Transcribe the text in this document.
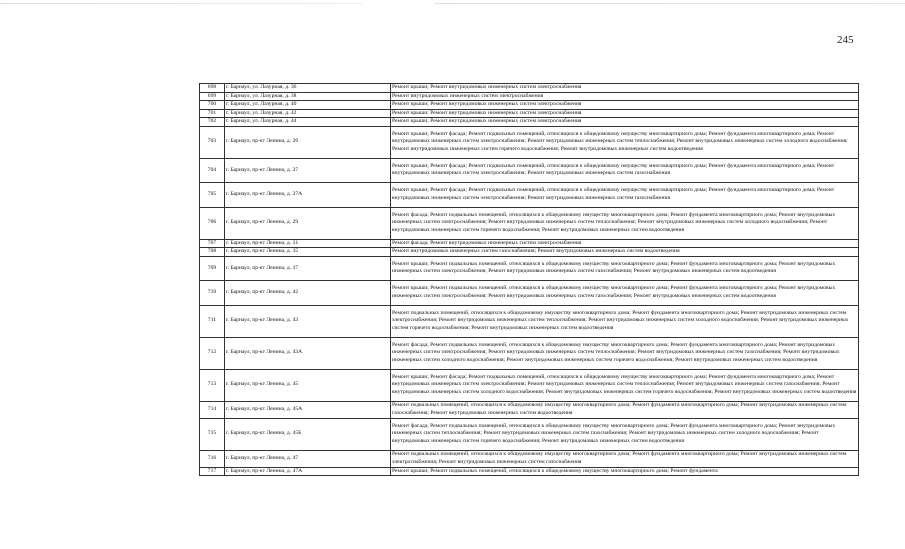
245
698	г. Барнаул, ул. Лазурная, д. 36	Ремонт крыши; Ремонт внутридомовых инженерных систем электроснабжения
699	г. Барнаул, ул. Лазурная, д. 38	Ремонт внутридомовых инженерных систем электроснабжения
700	г. Барнаул, ул. Лазурная, д. 40	Ремонт крыши; Ремонт внутридомовых инженерных систем электроснабжения
701	г. Барнаул, ул. Лазурная, д. 42	Ремонт крыши; Ремонт внутридомовых инженерных систем электроснабжения
702	г. Барнаул, ул. Лазурная, д. 44	Ремонт крыши; Ремонт внутридомовых инженерных систем электроснабжения
703	г. Барнаул, пр-кт Ленина, д. 26	Ремонт крыши; Ремонт фасада; Ремонт подвальных помещений, относящихся к общедомовому имуществу многоквартирного дома; Ремонт фундамента многоквартирного дома; Ремонт внутридомовых инженерных систем электроснабжения; Ремонт внутридомовых инженерных систем теплоснабжения; Ремонт внутридомовых инженерных систем холодного водоснабжения; Ремонт внутридомовых инженерных систем горячего водоснабжения; Ремонт внутридомовых инженерных систем водоотведения
704	г. Барнаул, пр-кт Ленина, д. 27	Ремонт крыши; Ремонт фасада; Ремонт подвальных помещений, относящихся к общедомовому имуществу многоквартирного дома; Ремонт фундамента многоквартирного дома; Ремонт внутридомовых инженерных систем электроснабжения; Ремонт внутридомовых инженерных систем газоснабжения
705	г. Барнаул, пр-кт Ленина, д. 27А	Ремонт крыши; Ремонт фасада; Ремонт подвальных помещений, относящихся к общедомовому имуществу многоквартирного дома; Ремонт фундамента многоквартирного дома; Ремонт внутридомовых инженерных систем электроснабжения; Ремонт внутридомовых инженерных систем газоснабжения
706	г. Барнаул, пр-кт Ленина, д. 29	Ремонт фасада; Ремонт подвальных помещений, относящихся к общедомовому имуществу многоквартирного дома; Ремонт фундамента многоквартирного дома; Ремонт внутридомовых инженерных систем электроснабжения; Ремонт внутридомовых инженерных систем теплоснабжения; Ремонт внутридомовых инженерных систем холодного водоснабжения; Ремонт внутридомовых инженерных систем горячего водоснабжения; Ремонт внутридомовых инженерных систем водоотведения
707	г. Барнаул, пр-кт Ленина, д. 31	Ремонт фасада; Ремонт внутридомовых инженерных систем электроснабжения
708	г. Барнаул, пр-кт Ленина, д. 35	Ремонт внутридомовых инженерных систем газоснабжения; Ремонт внутридомовых инженерных систем водоотведения
709	г. Барнаул, пр-кт Ленина, д. 37	Ремонт крыши; Ремонт подвальных помещений, относящихся к общедомовому имуществу многоквартирного дома; Ремонт фундамента многоквартирного дома; Ремонт внутридомовых инженерных систем электроснабжения; Ремонт внутридомовых инженерных систем газоснабжения; Ремонт внутридомовых инженерных систем водоотведения
710	г. Барнаул, пр-кт Ленина, д. 42	Ремонт крыши; Ремонт подвальных помещений, относящихся к общедомовому имуществу многоквартирного дома; Ремонт фундамента многоквартирного дома; Ремонт внутридомовых инженерных систем электроснабжения; Ремонт внутридомовых инженерных систем газоснабжения; Ремонт внутридомовых инженерных систем водоотведения
711	г. Барнаул, пр-кт Ленина, д. 43	Ремонт подвальных помещений, относящихся к общедомовому имуществу многоквартирного дома; Ремонт фундамента многоквартирного дома; Ремонт внутридомовых инженерных систем электроснабжения; Ремонт внутридомовых инженерных систем теплоснабжения; Ремонт внутридомовых инженерных систем холодного водоснабжения; Ремонт внутридомовых инженерных систем горячего водоснабжения; Ремонт внутридомовых инженерных систем водоотведения
712	г. Барнаул, пр-кт Ленина, д. 43А	Ремонт фасада; Ремонт подвальных помещений, относящихся к общедомовому имуществу многоквартирного дома; Ремонт фундамента многоквартирного дома; Ремонт внутридомовых инженерных систем электроснабжения; Ремонт внутридомовых инженерных систем теплоснабжения; Ремонт внутридомовых инженерных систем газоснабжения; Ремонт внутридомовых инженерных систем холодного водоснабжения; Ремонт внутридомовых инженерных систем горячего водоснабжения; Ремонт внутридомовых инженерных систем водоотведения
713	г. Барнаул, пр-кт Ленина, д. 45	Ремонт крыши; Ремонт фасада; Ремонт подвальных помещений, относящихся к общедомовому имуществу многоквартирного дома; Ремонт фундамента многоквартирного дома; Ремонт внутридомовых инженерных систем электроснабжения; Ремонт внутридомовых инженерных систем теплоснабжения; Ремонт внутридомовых инженерных систем газоснабжения; Ремонт внутридомовых инженерных систем холодного водоснабжения; Ремонт внутридомовых инженерных систем горячего водоснабжения; Ремонт внутридомовых инженерных систем водоотведения
714	г. Барнаул, пр-кт Ленина, д. 45А	Ремонт подвальных помещений, относящихся к общедомовому имуществу многоквартирного дома; Ремонт фундамента многоквартирного дома; Ремонт внутридомовых инженерных систем газоснабжения; Ремонт внутридомовых инженерных систем водоотведения
715	г. Барнаул, пр-кт Ленина, д. 45Б	Ремонт фасада; Ремонт подвальных помещений, относящихся к общедомовому имуществу многоквартирного дома; Ремонт фундамента многоквартирного дома; Ремонт внутридомовых инженерных систем теплоснабжения; Ремонт внутридомовых инженерных систем газоснабжения; Ремонт внутридомовых инженерных систем холодного водоснабжения; Ремонт внутридомовых инженерных систем горячего водоснабжения; Ремонт внутридомовых инженерных систем водоотведения
716	г. Барнаул, пр-кт Ленина, д. 47	Ремонт подвальных помещений, относящихся к общедомовому имуществу многоквартирного дома; Ремонт фундамента многоквартирного дома; Ремонт внутридомовых инженерных систем электроснабжения; Ремонт внутридомовых инженерных систем газоснабжения
717	г. Барнаул, пр-кт Ленина, д. 47А	Ремонт крыши; Ремонт подвальных помещений, относящихся к общедомовому имуществу многоквартирного дома; Ремонт фундамента
